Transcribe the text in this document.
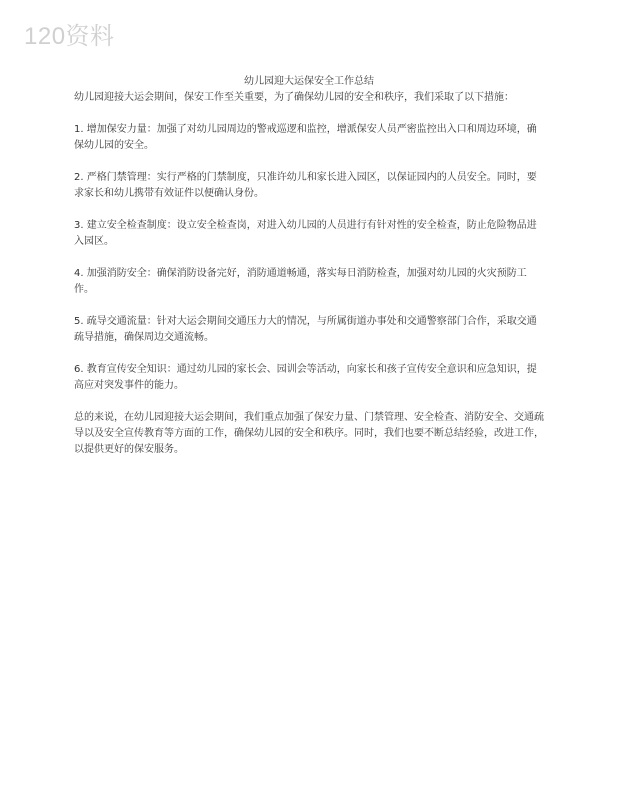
120资料
幼儿园迎大运保安全工作总结

幼儿园迎接大运会期间，保安工作至关重要，为了确保幼儿园的安全和秩序，我们采取了以下措施：

1. 增加保安力量：加强了对幼儿园周边的警戒巡逻和监控，增派保安人员严密监控出入口和周边环境，确保幼儿园的安全。

2. 严格门禁管理：实行严格的门禁制度，只准许幼儿和家长进入园区，以保证园内的人员安全。同时，要求家长和幼儿携带有效证件以便确认身份。

3. 建立安全检查制度：设立安全检查岗，对进入幼儿园的人员进行有针对性的安全检查，防止危险物品进入园区。

4. 加强消防安全：确保消防设备完好，消防通道畅通，落实每日消防检查，加强对幼儿园的火灾预防工作。

5. 疏导交通流量：针对大运会期间交通压力大的情况，与所属街道办事处和交通警察部门合作，采取交通疏导措施，确保周边交通流畅。

6. 教育宣传安全知识：通过幼儿园的家长会、园训会等活动，向家长和孩子宣传安全意识和应急知识，提高应对突发事件的能力。

总的来说，在幼儿园迎接大运会期间，我们重点加强了保安力量、门禁管理、安全检查、消防安全、交通疏导以及安全宣传教育等方面的工作，确保幼儿园的安全和秩序。同时，我们也要不断总结经验，改进工作，以提供更好的保安服务。
